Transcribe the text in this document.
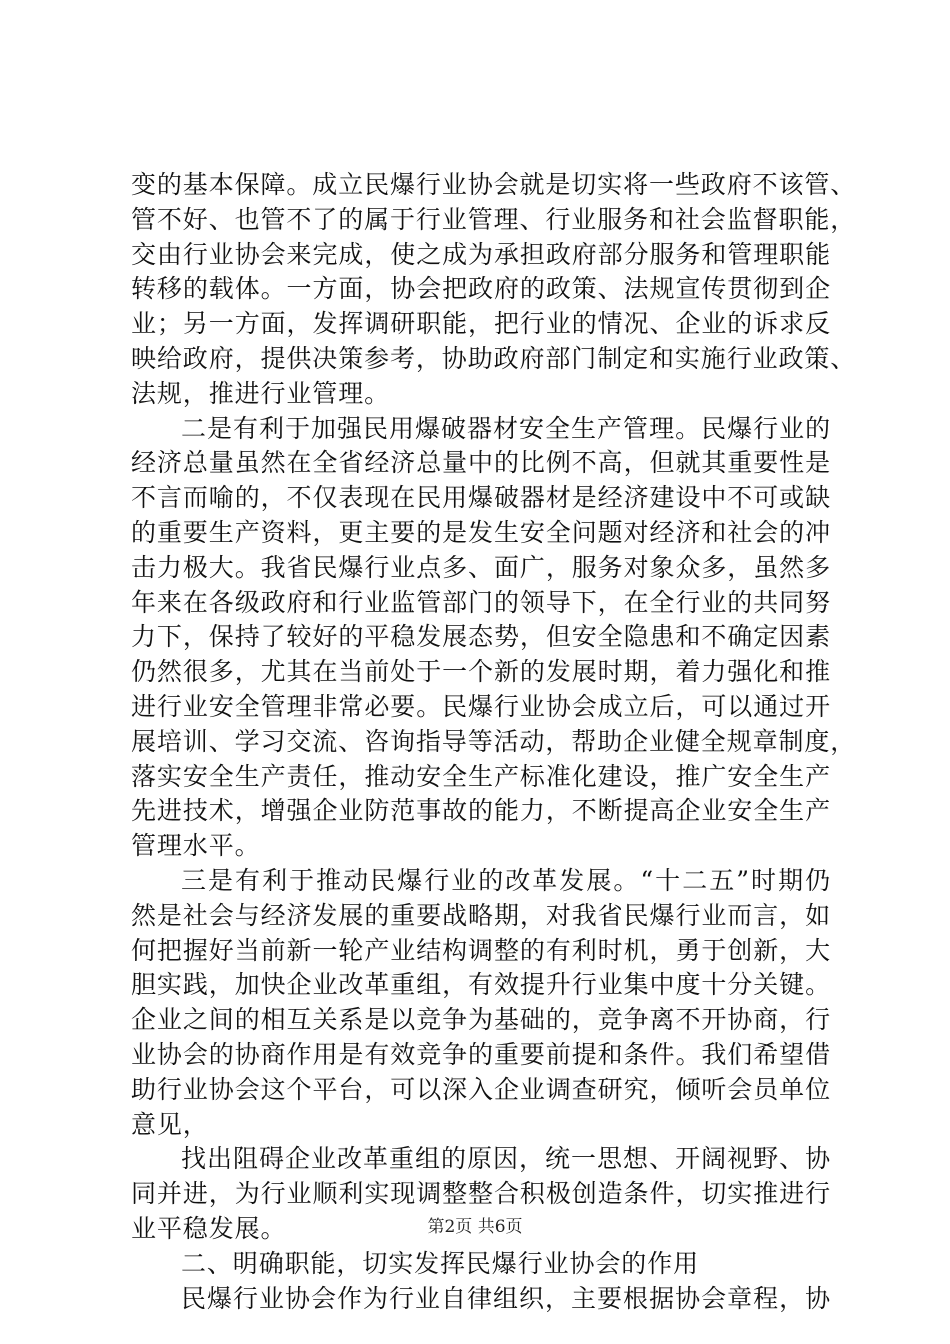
变的基本保障。成立民爆行业协会就是切实将一些政府不该管、
管不好、也管不了的属于行业管理、行业服务和社会监督职能，
交由行业协会来完成，使之成为承担政府部分服务和管理职能
转移的载体。一方面，协会把政府的政策、法规宣传贯彻到企
业；另一方面，发挥调研职能，把行业的情况、企业的诉求反
映给政府，提供决策参考，协助政府部门制定和实施行业政策、
法规，推进行业管理。
二是有利于加强民用爆破器材安全生产管理。民爆行业的
经济总量虽然在全省经济总量中的比例不高，但就其重要性是
不言而喻的，不仅表现在民用爆破器材是经济建设中不可或缺
的重要生产资料，更主要的是发生安全问题对经济和社会的冲
击力极大。我省民爆行业点多、面广，服务对象众多，虽然多
年来在各级政府和行业监管部门的领导下，在全行业的共同努
力下，保持了较好的平稳发展态势，但安全隐患和不确定因素
仍然很多，尤其在当前处于一个新的发展时期，着力强化和推
进行业安全管理非常必要。民爆行业协会成立后，可以通过开
展培训、学习交流、咨询指导等活动，帮助企业健全规章制度，
落实安全生产责任，推动安全生产标准化建设，推广安全生产
先进技术，增强企业防范事故的能力，不断提高企业安全生产
管理水平。
三是有利于推动民爆行业的改革发展。“十二五”时期仍
然是社会与经济发展的重要战略期，对我省民爆行业而言，如
何把握好当前新一轮产业结构调整的有利时机，勇于创新，大
胆实践，加快企业改革重组，有效提升行业集中度十分关键。
企业之间的相互关系是以竞争为基础的，竞争离不开协商，行
业协会的协商作用是有效竞争的重要前提和条件。我们希望借
助行业协会这个平台，可以深入企业调查研究，倾听会员单位
意见，
找出阻碍企业改革重组的原因，统一思想、开阔视野、协
同并进，为行业顺利实现调整整合积极创造条件，切实推进行
业平稳发展。
二、明确职能，切实发挥民爆行业协会的作用
民爆行业协会作为行业自律组织，主要根据协会章程，协
第2页 共6页
